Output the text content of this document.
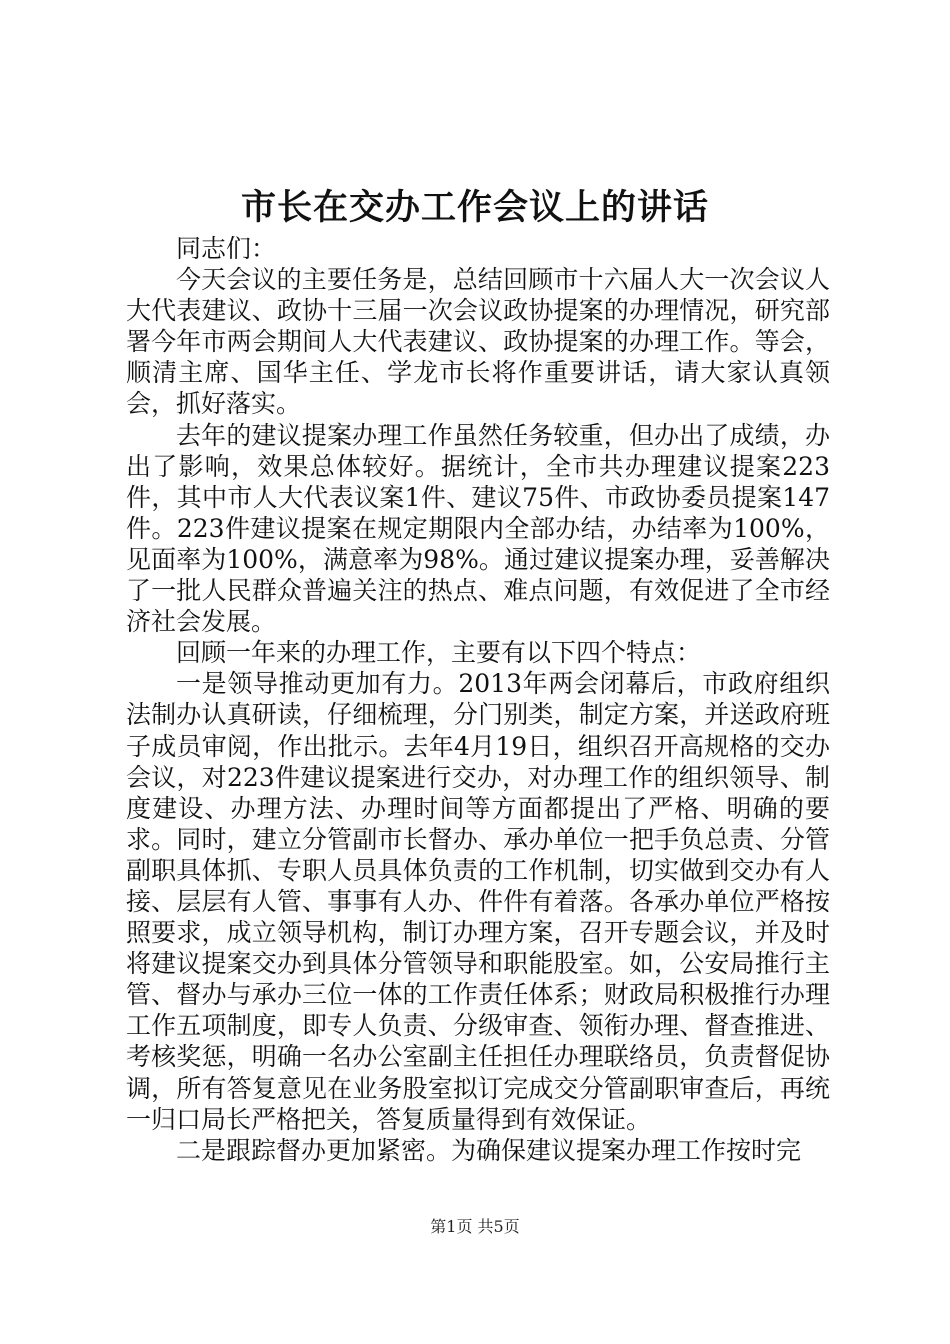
市长在交办工作会议上的讲话

同志们：

今天会议的主要任务是，总结回顾市十六届人大一次会议人大代表建议、政协十三届一次会议政协提案的办理情况，研究部署今年市两会期间人大代表建议、政协提案的办理工作。等会，顺清主席、国华主任、学龙市长将作重要讲话，请大家认真领会，抓好落实。

去年的建议提案办理工作虽然任务较重，但办出了成绩，办出了影响，效果总体较好。据统计，全市共办理建议提案223件，其中市人大代表议案1件、建议75件、市政协委员提案147件。223件建议提案在规定期限内全部办结，办结率为100%，见面率为100%，满意率为98%。通过建议提案办理，妥善解决了一批人民群众普遍关注的热点、难点问题，有效促进了全市经济社会发展。

回顾一年来的办理工作，主要有以下四个特点：

一是领导推动更加有力。2013年两会闭幕后，市政府组织法制办认真研读，仔细梳理，分门别类，制定方案，并送政府班子成员审阅，作出批示。去年4月19日，组织召开高规格的交办会议，对223件建议提案进行交办，对办理工作的组织领导、制度建设、办理方法、办理时间等方面都提出了严格、明确的要求。同时，建立分管副市长督办、承办单位一把手负总责、分管副职具体抓、专职人员具体负责的工作机制，切实做到交办有人接、层层有人管、事事有人办、件件有着落。各承办单位严格按照要求，成立领导机构，制订办理方案，召开专题会议，并及时将建议提案交办到具体分管领导和职能股室。如，公安局推行主管、督办与承办三位一体的工作责任体系；财政局积极推行办理工作五项制度，即专人负责、分级审查、领衔办理、督查推进、考核奖惩，明确一名办公室副主任担任办理联络员，负责督促协调，所有答复意见在业务股室拟订完成交分管副职审查后，再统一归口局长严格把关，答复质量得到有效保证。

二是跟踪督办更加紧密。为确保建议提案办理工作按时完

第1页 共5页
